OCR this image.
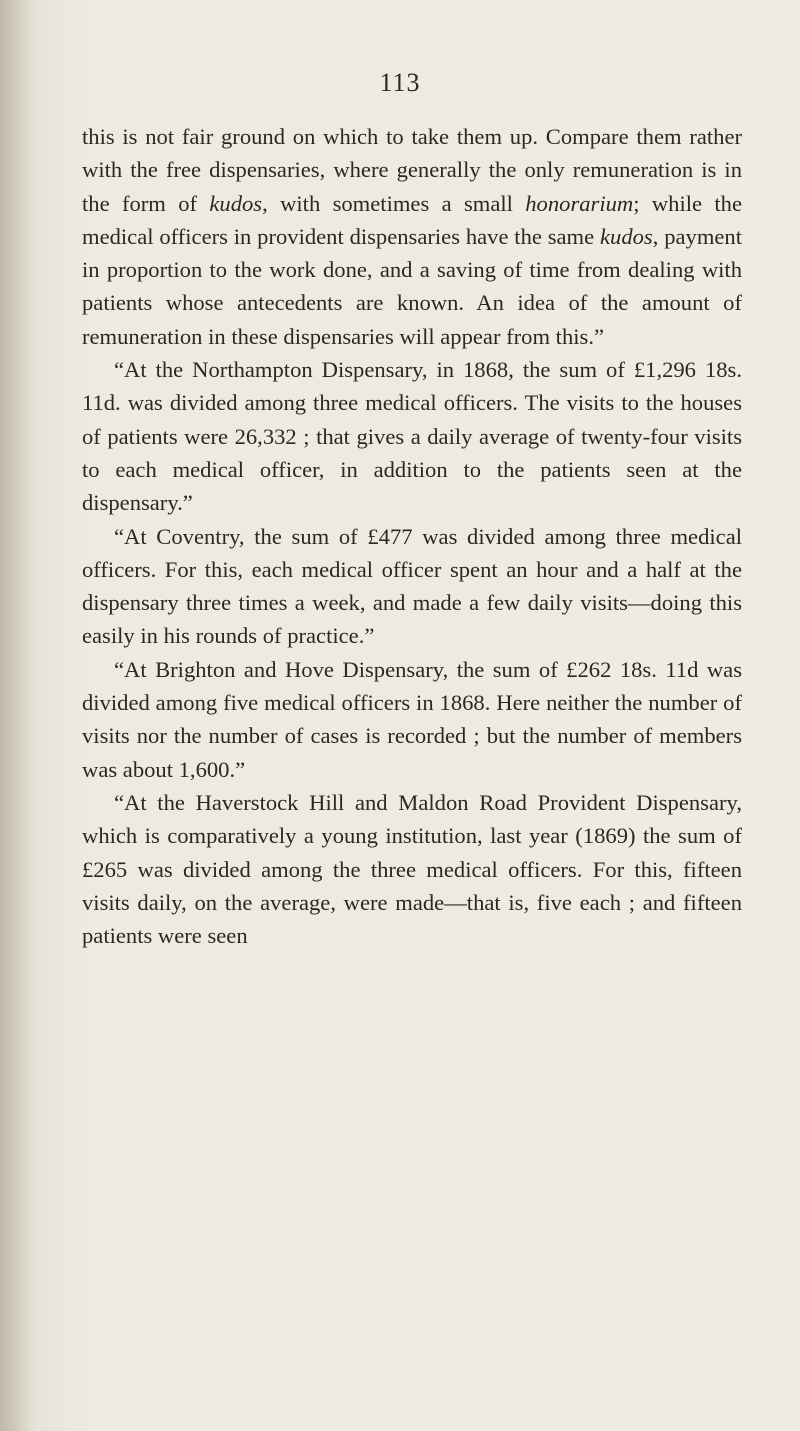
113

this is not fair ground on which to take them up. Compare them rather with the free dispensaries, where generally the only remuneration is in the form of kudos, with sometimes a small honorarium; while the medical officers in provident dispensaries have the same kudos, payment in proportion to the work done, and a saving of time from dealing with patients whose antecedents are known. An idea of the amount of remuneration in these dispensaries will appear from this.”

“At the Northampton Dispensary, in 1868, the sum of £1,296 18s. 11d. was divided among three medical officers. The visits to the houses of patients were 26,332 ; that gives a daily average of twenty-four visits to each medical officer, in addition to the patients seen at the dispensary.”

“At Coventry, the sum of £477 was divided among three medical officers. For this, each medical officer spent an hour and a half at the dispensary three times a week, and made a few daily visits—doing this easily in his rounds of practice.”

“At Brighton and Hove Dispensary, the sum of £262 18s. 11d was divided among five medical officers in 1868. Here neither the number of visits nor the number of cases is recorded ; but the number of members was about 1,600.”

“At the Haverstock Hill and Maldon Road Provident Dispensary, which is comparatively a young institution, last year (1869) the sum of £265 was divided among the three medical officers. For this, fifteen visits daily, on the average, were made—that is, five each ; and fifteen patients were seen
